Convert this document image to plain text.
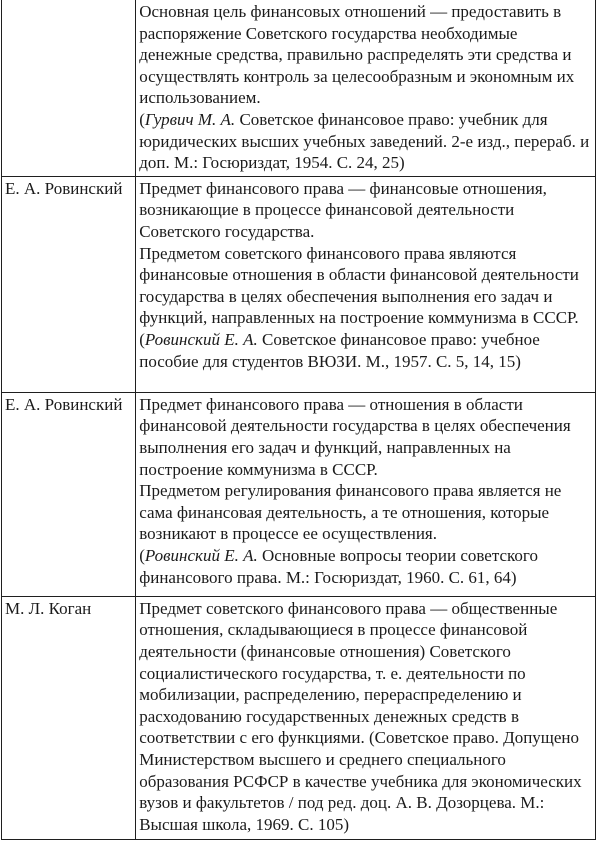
	Основная цель финансовых отношений — предоставить в распоряжение Советского государства необходимые денежные средства, правильно распределять эти средства и осуществлять контроль за целесообразным и экономным их использованием.
(Гурвич М. А. Советское финансовое право: учебник для юридических высших учебных заведений. 2-е изд., перераб. и доп. М.: Госюриздат, 1954. С. 24, 25)

Е. А. Ровинский	Предмет финансового права — финансовые отношения, возникающие в процессе финансовой деятельности Советского государства.
Предметом советского финансового права являются финансовые отношения в области финансовой деятельности государства в целях обеспечения выполнения его задач и функций, направленных на построение коммунизма в СССР.
(Ровинский Е. А. Советское финансовое право: учебное пособие для студентов ВЮЗИ. М., 1957. С. 5, 14, 15)

Е. А. Ровинский	Предмет финансового права — отношения в области финансовой деятельности государства в целях обеспечения выполнения его задач и функций, направленных на построение коммунизма в СССР.
Предметом регулирования финансового права является не сама финансовая деятельность, а те отношения, которые возникают в процессе ее осуществления.
(Ровинский Е. А. Основные вопросы теории советского финансового права. М.: Госюриздат, 1960. С. 61, 64)

М. Л. Коган	Предмет советского финансового права — общественные отношения, складывающиеся в процессе финансовой деятельности (финансовые отношения) Советского социалистического государства, т. е. деятельности по мобилизации, распределению, перераспределению и расходованию государственных денежных средств в соответствии с его функциями. (Советское право. Допущено Министерством высшего и среднего специального образования РСФСР в качестве учебника для экономических вузов и факультетов / под ред. доц. А. В. Дозорцева. М.: Высшая школа, 1969. С. 105)
